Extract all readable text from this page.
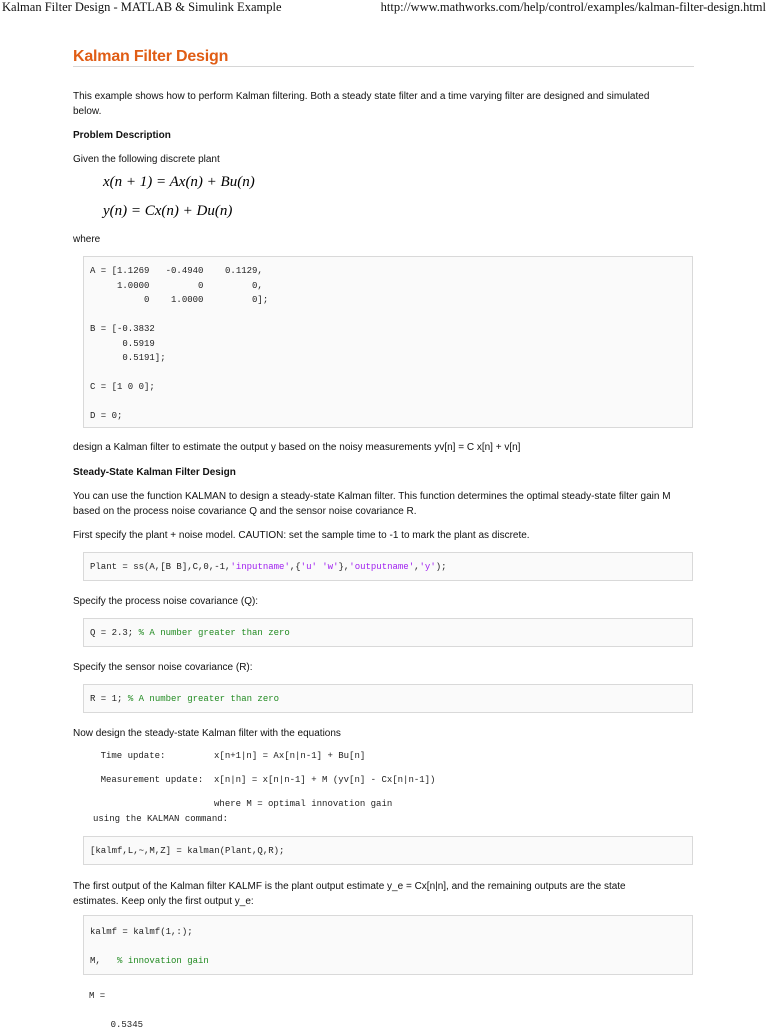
Kalman Filter Design - MATLAB & Simulink Example	http://www.mathworks.com/help/control/examples/kalman-filter-design.html
Kalman Filter Design
This example shows how to perform Kalman filtering. Both a steady state filter and a time varying filter are designed and simulated
below.
Problem Description
Given the following discrete plant
x(n + 1) = Ax(n) + Bu(n)
y(n) = Cx(n) + Du(n)
where
A = [1.1269   -0.4940    0.1129,
1.0000         0         0,
0    1.0000         0];

B = [-0.3832
0.5919
0.5191];

C = [1 0 0];

D = 0;
design a Kalman filter to estimate the output y based on the noisy measurements yv[n] = C x[n] + v[n]
Steady-State Kalman Filter Design
You can use the function KALMAN to design a steady-state Kalman filter. This function determines the optimal steady-state filter gain M
based on the process noise covariance Q and the sensor noise covariance R.
First specify the plant + noise model. CAUTION: set the sample time to -1 to mark the plant as discrete.
Plant = ss(A,[B B],C,0,-1,'inputname',{'u' 'w'},'outputname','y');
Specify the process noise covariance (Q):
Q = 2.3; % A number greater than zero
Specify the sensor noise covariance (R):
R = 1; % A number greater than zero
Now design the steady-state Kalman filter with the equations
Time update:         x[n+1|n] = Ax[n|n-1] + Bu[n]

Measurement update:  x[n|n] = x[n|n-1] + M (yv[n] - Cx[n|n-1])

where M = optimal innovation gain
using the KALMAN command:
[kalmf,L,~,M,Z] = kalman(Plant,Q,R);
The first output of the Kalman filter KALMF is the plant output estimate y_e = Cx[n|n], and the remaining outputs are the state
estimates. Keep only the first output y_e:
kalmf = kalmf(1,:);
M,   % innovation gain
M =

0.5345
